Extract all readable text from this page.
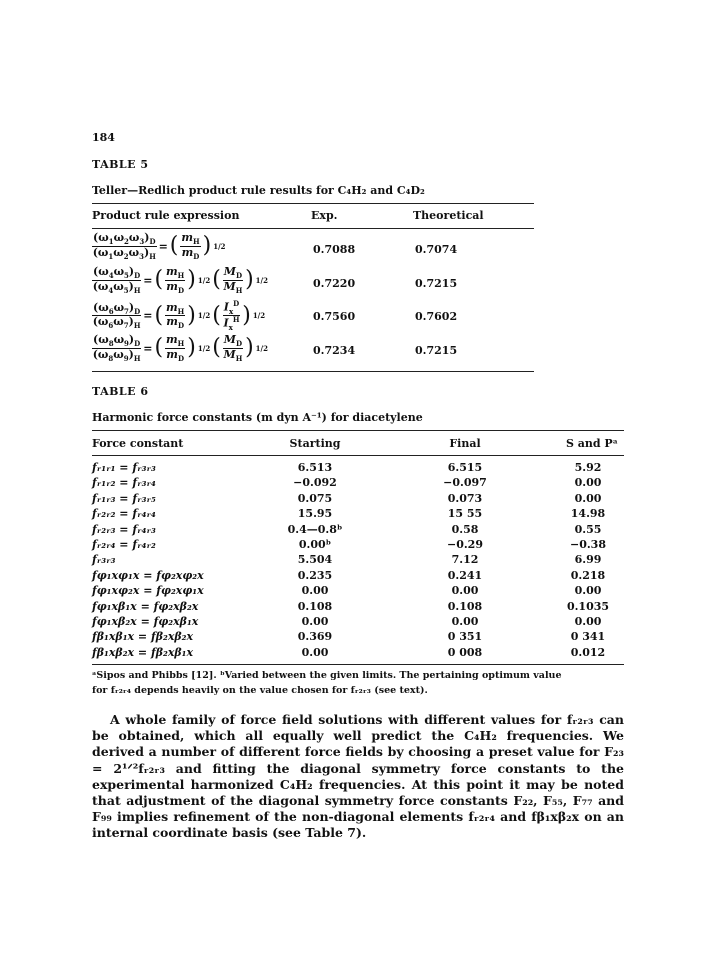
184
TABLE 5
Teller—Redlich product rule results for C₄H₂ and C₄D₂
Product rule expression	Exp.	Theoretical
$\frac{(\omega_1\omega_2\omega_3)_D}{(\omega_1\omega_2\omega_3)_H}$ = ( $\frac{m_H}{m_D}$ ) 1/2	0.7088	0.7074
$\frac{(\omega_4\omega_5)_D}{(\omega_4\omega_5)_H}$ = ( $\frac{m_H}{m_D}$ ) 1/2 ( $\frac{M_D}{M_H}$ ) 1/2	0.7220	0.7215
$\frac{(\omega_6\omega_7)_D}{(\omega_6\omega_7)_H}$ = ( $\frac{m_H}{m_D}$ ) 1/2 ( $\frac{I_x^D}{I_x^H}$ ) 1/2	0.7560	0.7602
$\frac{(\omega_8\omega_9)_D}{(\omega_8\omega_9)_H}$ = ( $\frac{m_H}{m_D}$ ) 1/2 ( $\frac{M_D}{M_H}$ ) 1/2	0.7234	0.7215
TABLE 6
Harmonic force constants (m dyn A⁻¹) for diacetylene
Force constant	Starting	Final	S and Pᵃ
fᵣ₁ᵣ₁ = fᵣ₃ᵣ₃	6.513	6.515	5.92
fᵣ₁ᵣ₂ = fᵣ₃ᵣ₄	−0.092	−0.097	0.00
fᵣ₁ᵣ₃ = fᵣ₃ᵣ₅	0.075	0.073	0.00
fᵣ₂ᵣ₂ = fᵣ₄ᵣ₄	15.95	15 55	14.98
fᵣ₂ᵣ₃ = fᵣ₄ᵣ₃	0.4—0.8ᵇ	0.58	0.55
fᵣ₂ᵣ₄ = fᵣ₄ᵣ₂	0.00ᵇ	−0.29	−0.38
fᵣ₃ᵣ₃	5.504	7.12	6.99
fφ₁xφ₁x = fφ₂xφ₂x	0.235	0.241	0.218
fφ₁xφ₂x = fφ₂xφ₁x	0.00	0.00	0.00
fφ₁xβ₁x = fφ₂xβ₂x	0.108	0.108	0.1035
fφ₁xβ₂x = fφ₂xβ₁x	0.00	0.00	0.00
fβ₁xβ₁x = fβ₂xβ₂x	0.369	0 351	0 341
fβ₁xβ₂x = fβ₂xβ₁x	0.00	0 008	0.012
ᵃSipos and Phibbs [12]. ᵇVaried between the given limits. The pertaining optimum value
for fᵣ₂ᵣ₄ depends heavily on the value chosen for fᵣ₂ᵣ₃ (see text).
A whole family of force field solutions with different values for fᵣ₂ᵣ₃ can be obtained, which all equally well predict the C₄H₂ frequencies. We derived a number of different force fields by choosing a preset value for F₂₃ = 2¹ᐟ²fᵣ₂ᵣ₃ and fitting the diagonal symmetry force constants to the experimental harmonized C₄H₂ frequencies. At this point it may be noted that adjustment of the diagonal symmetry force constants F₂₂, F₅₅, F₇₇ and F₉₉ implies refinement of the non-diagonal elements fᵣ₂ᵣ₄ and fβ₁xβ₂x on an internal coordinate basis (see Table 7).
